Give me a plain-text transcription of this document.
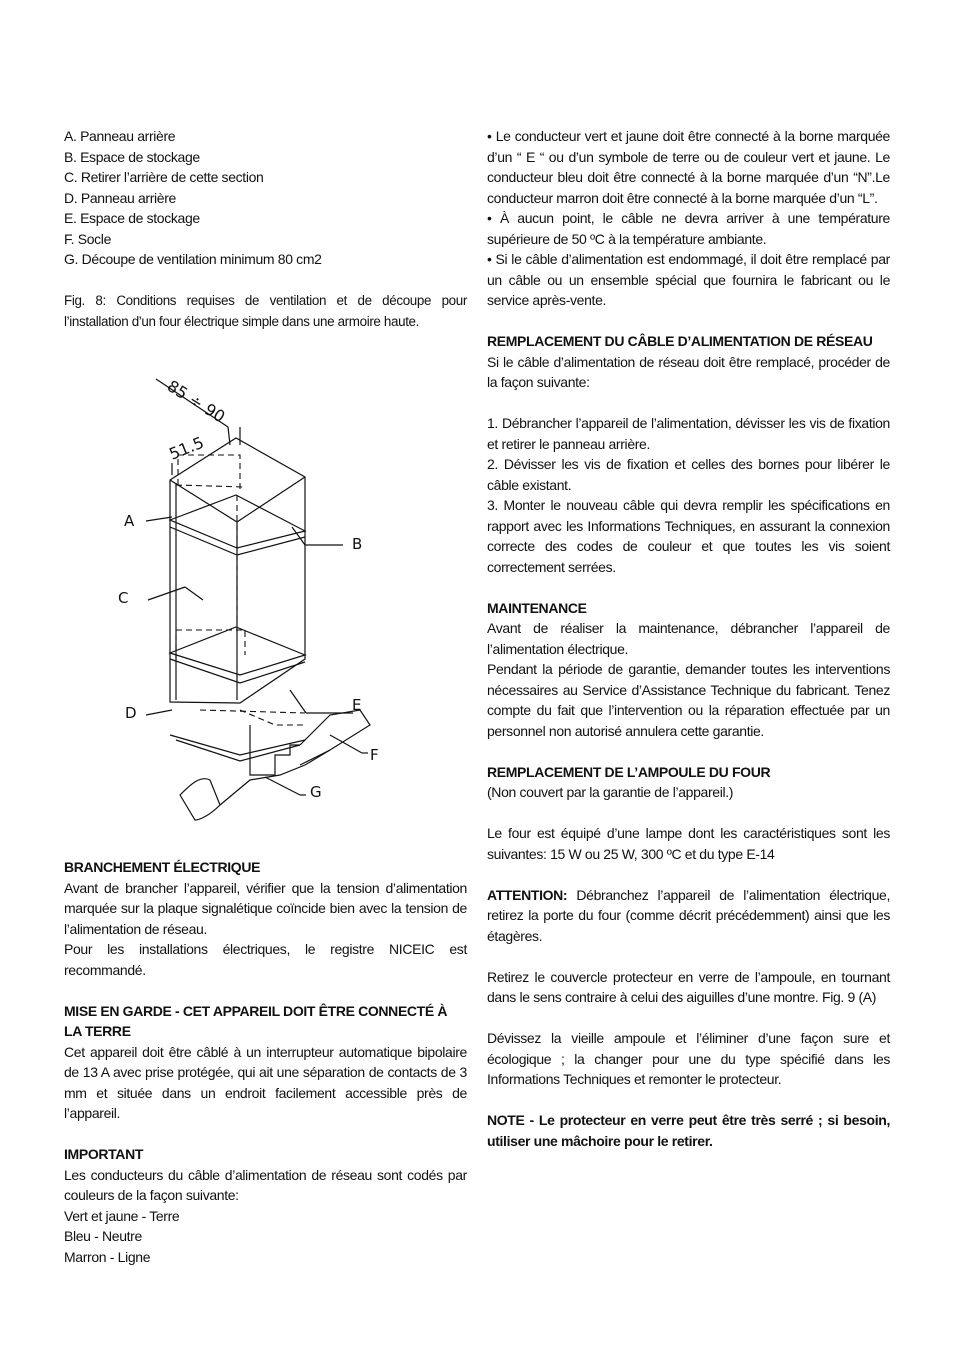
A. Panneau arrière

B. Espace de stockage

C. Retirer l’arrière de cette section

D. Panneau arrière

E. Espace de stockage

F. Socle

G. Découpe de ventilation minimum 80 cm2

Fig. 8: Conditions requises de ventilation et de découpe pour l’installation d’un four électrique simple dans une armoire haute.

85 ÷ 90
51.5
A
B
C
D	E
F
G

BRANCHEMENT ÉLECTRIQUE

Avant de brancher l’appareil, vérifier que la tension d’alimentation marquée sur la plaque signalétique coïncide bien avec la tension de l’alimentation de réseau.

Pour les installations électriques, le registre NICEIC est recommandé.

MISE EN GARDE - CET APPAREIL DOIT ÊTRE CONNECTÉ À LA TERRE

Cet appareil doit être câblé à un interrupteur automatique bipolaire de 13 A avec prise protégée, qui ait une séparation de contacts de 3 mm et située dans un endroit facilement accessible près de l’appareil.

IMPORTANT

Les conducteurs du câble d’alimentation de réseau sont codés par couleurs de la façon suivante:

Vert et jaune - Terre

Bleu - Neutre

Marron - Ligne

• Le conducteur vert et jaune doit être connecté à la borne marquée d’un “ E “ ou d’un symbole de terre ou de couleur vert et jaune. Le conducteur bleu doit être connecté à la borne marquée d’un “N”.Le conducteur marron doit être connecté à la borne marquée d’un “L”.

• À aucun point, le câble ne devra arriver à une température supérieure de 50 ºC à la température ambiante.

• Si le câble d’alimentation est endommagé, il doit être remplacé par un câble ou un ensemble spécial que fournira le fabricant ou le service après-vente.

REMPLACEMENT DU CÂBLE D’ALIMENTATION DE RÉSEAU

Si le câble d’alimentation de réseau doit être remplacé, procéder de la façon suivante:

1. Débrancher l’appareil de l’alimentation, dévisser les vis de fixation et retirer le panneau arrière.

2. Dévisser les vis de fixation et celles des bornes pour libérer le câble existant.

3. Monter le nouveau câble qui devra remplir les spécifications en rapport avec les Informations Techniques, en assurant la connexion correcte des codes de couleur et que toutes les vis soient correctement serrées.

MAINTENANCE

Avant de réaliser la maintenance, débrancher l’appareil de l’alimentation électrique.

Pendant la période de garantie, demander toutes les interventions nécessaires au Service d’Assistance Technique du fabricant. Tenez compte du fait que l’intervention ou la réparation effectuée par un personnel non autorisé annulera cette garantie.

REMPLACEMENT DE L’AMPOULE DU FOUR

(Non couvert par la garantie de l’appareil.)

Le four est équipé d’une lampe dont les caractéristiques sont les suivantes: 15 W ou 25 W, 300 ºC et du type E-14

ATTENTION: Débranchez l’appareil de l’alimentation électrique, retirez la porte du four (comme décrit précédemment) ainsi que les étagères.

Retirez le couvercle protecteur en verre de l’ampoule, en tournant dans le sens contraire à celui des aiguilles d’une montre. Fig. 9 (A)

Dévissez la vieille ampoule et l’éliminer d’une façon sure et écologique ; la changer pour une du type spécifié dans les Informations Techniques et remonter le protecteur.

NOTE - Le protecteur en verre peut être très serré ; si besoin, utiliser une mâchoire pour le retirer.
